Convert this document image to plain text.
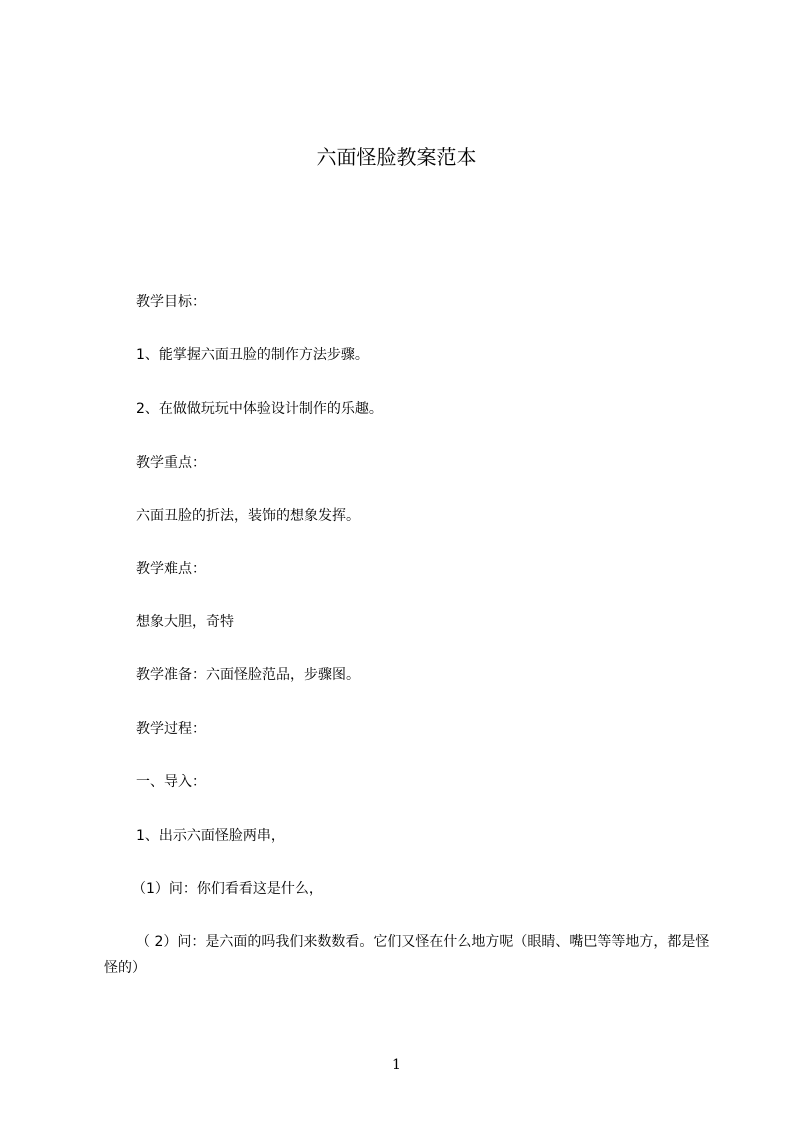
六面怪脸教案范本
教学目标：
1、能掌握六面丑脸的制作方法步骤。
2、在做做玩玩中体验设计制作的乐趣。
教学重点：
六面丑脸的折法，装饰的想象发挥。
教学难点：
想象大胆，奇特
教学准备：六面怪脸范品，步骤图。
教学过程：
一、导入：
1、出示六面怪脸两串，
（1）问：你们看看这是什么，
（ 2）问：是六面的吗我们来数数看。它们又怪在什么地方呢（眼睛、嘴巴等等地方，都是怪怪的）
1
